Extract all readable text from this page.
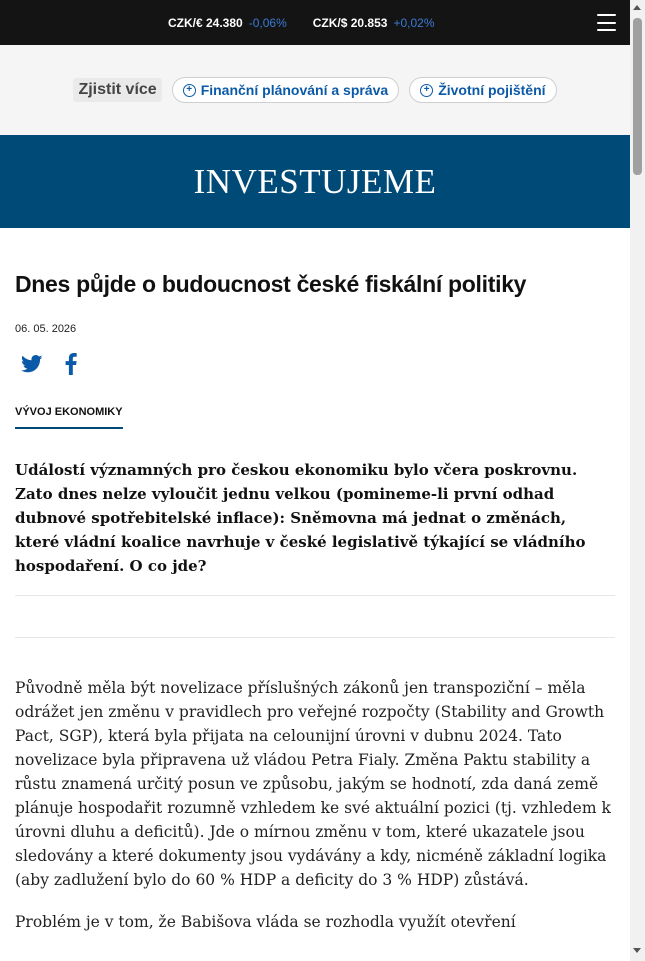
CZK/€ 24.380 -0,06% CZK/$ 20.853 +0,02%
Zjistit více	+ Finanční plánování a správa	+ Životní pojištění
INVESTUJEME
Dnes půjde o budoucnost české fiskální politiky
06. 05. 2026
VÝVOJ EKONOMIKY
Událostí významných pro českou ekonomiku bylo včera poskrovnu. Zato dnes nelze vyloučit jednu velkou (pomineme-li první odhad dubnové spotřebitelské inflace): Sněmovna má jednat o změnách, které vládní koalice navrhuje v české legislativě týkající se vládního hospodaření. O co jde?

Původně měla být novelizace příslušných zákonů jen transpoziční – měla odrážet jen změnu v pravidlech pro veřejné rozpočty (Stability and Growth Pact, SGP), která byla přijata na celounijní úrovni v dubnu 2024. Tato novelizace byla připravena už vládou Petra Fialy. Změna Paktu stability a růstu znamená určitý posun ve způsobu, jakým se hodnotí, zda daná země plánuje hospodařit rozumně vzhledem ke své aktuální pozici (tj. vzhledem k úrovni dluhu a deficitů). Jde o mírnou změnu v tom, které ukazatele jsou sledovány a které dokumenty jsou vydávány a kdy, nicméně základní logika (aby zadlužení bylo do 60 % HDP a deficity do 3 % HDP) zůstává.

Problém je v tom, že Babišova vláda se rozhodla využít otevření
